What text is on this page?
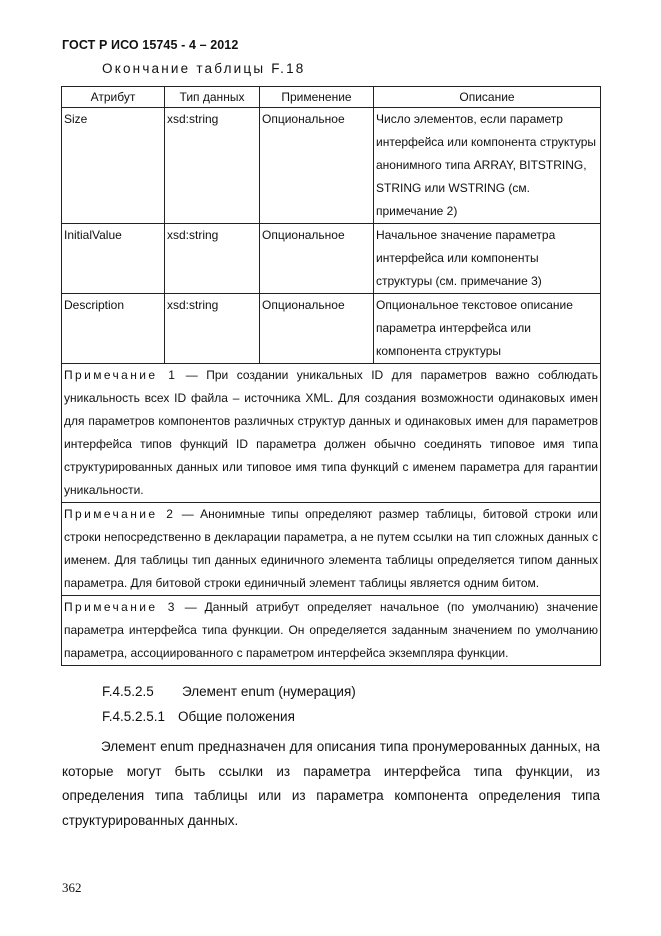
ГОСТ Р ИСО 15745 - 4 – 2012
Окончание таблицы F.18
Атрибут	Тип данных	Применение	Описание
Size	xsd:string	Опциональное	Число элементов, если параметр интерфейса или компонента структуры анонимного типа ARRAY, BITSTRING, STRING или WSTRING (см. примечание 2)
InitialValue	xsd:string	Опциональное	Начальное значение параметра интерфейса или компоненты структуры (см. примечание 3)
Description	xsd:string	Опциональное	Опциональное текстовое описание параметра интерфейса или компонента структуры
Примечание 1 — При создании уникальных ID для параметров важно соблюдать уникальность всех ID файла – источника XML. Для создания возможности одинаковых имен для параметров компонентов различных структур данных и одинаковых имен для параметров интерфейса типов функций ID параметра должен обычно соединять типовое имя типа структурированных данных или типовое имя типа функций с именем параметра для гарантии уникальности.			
Примечание 2 — Анонимные типы определяют размер таблицы, битовой строки или строки непосредственно в декларации параметра, а не путем ссылки на тип сложных данных с именем. Для таблицы тип данных единичного элемента таблицы определяется типом данных параметра. Для битовой строки единичный элемент таблицы является одним битом.			
Примечание 3 — Данный атрибут определяет начальное (по умолчанию) значение параметра интерфейса типа функции. Он определяется заданным значением по умолчанию параметра, ассоциированного с параметром интерфейса экземпляра функции.			
F.4.5.2.5 Элемент enum (нумерация)
F.4.5.2.5.1 Общие положения
Элемент enum предназначен для описания типа пронумерованных данных, на которые могут быть ссылки из параметра интерфейса типа функции, из определения типа таблицы или из параметра компонента определения типа структурированных данных.
362
